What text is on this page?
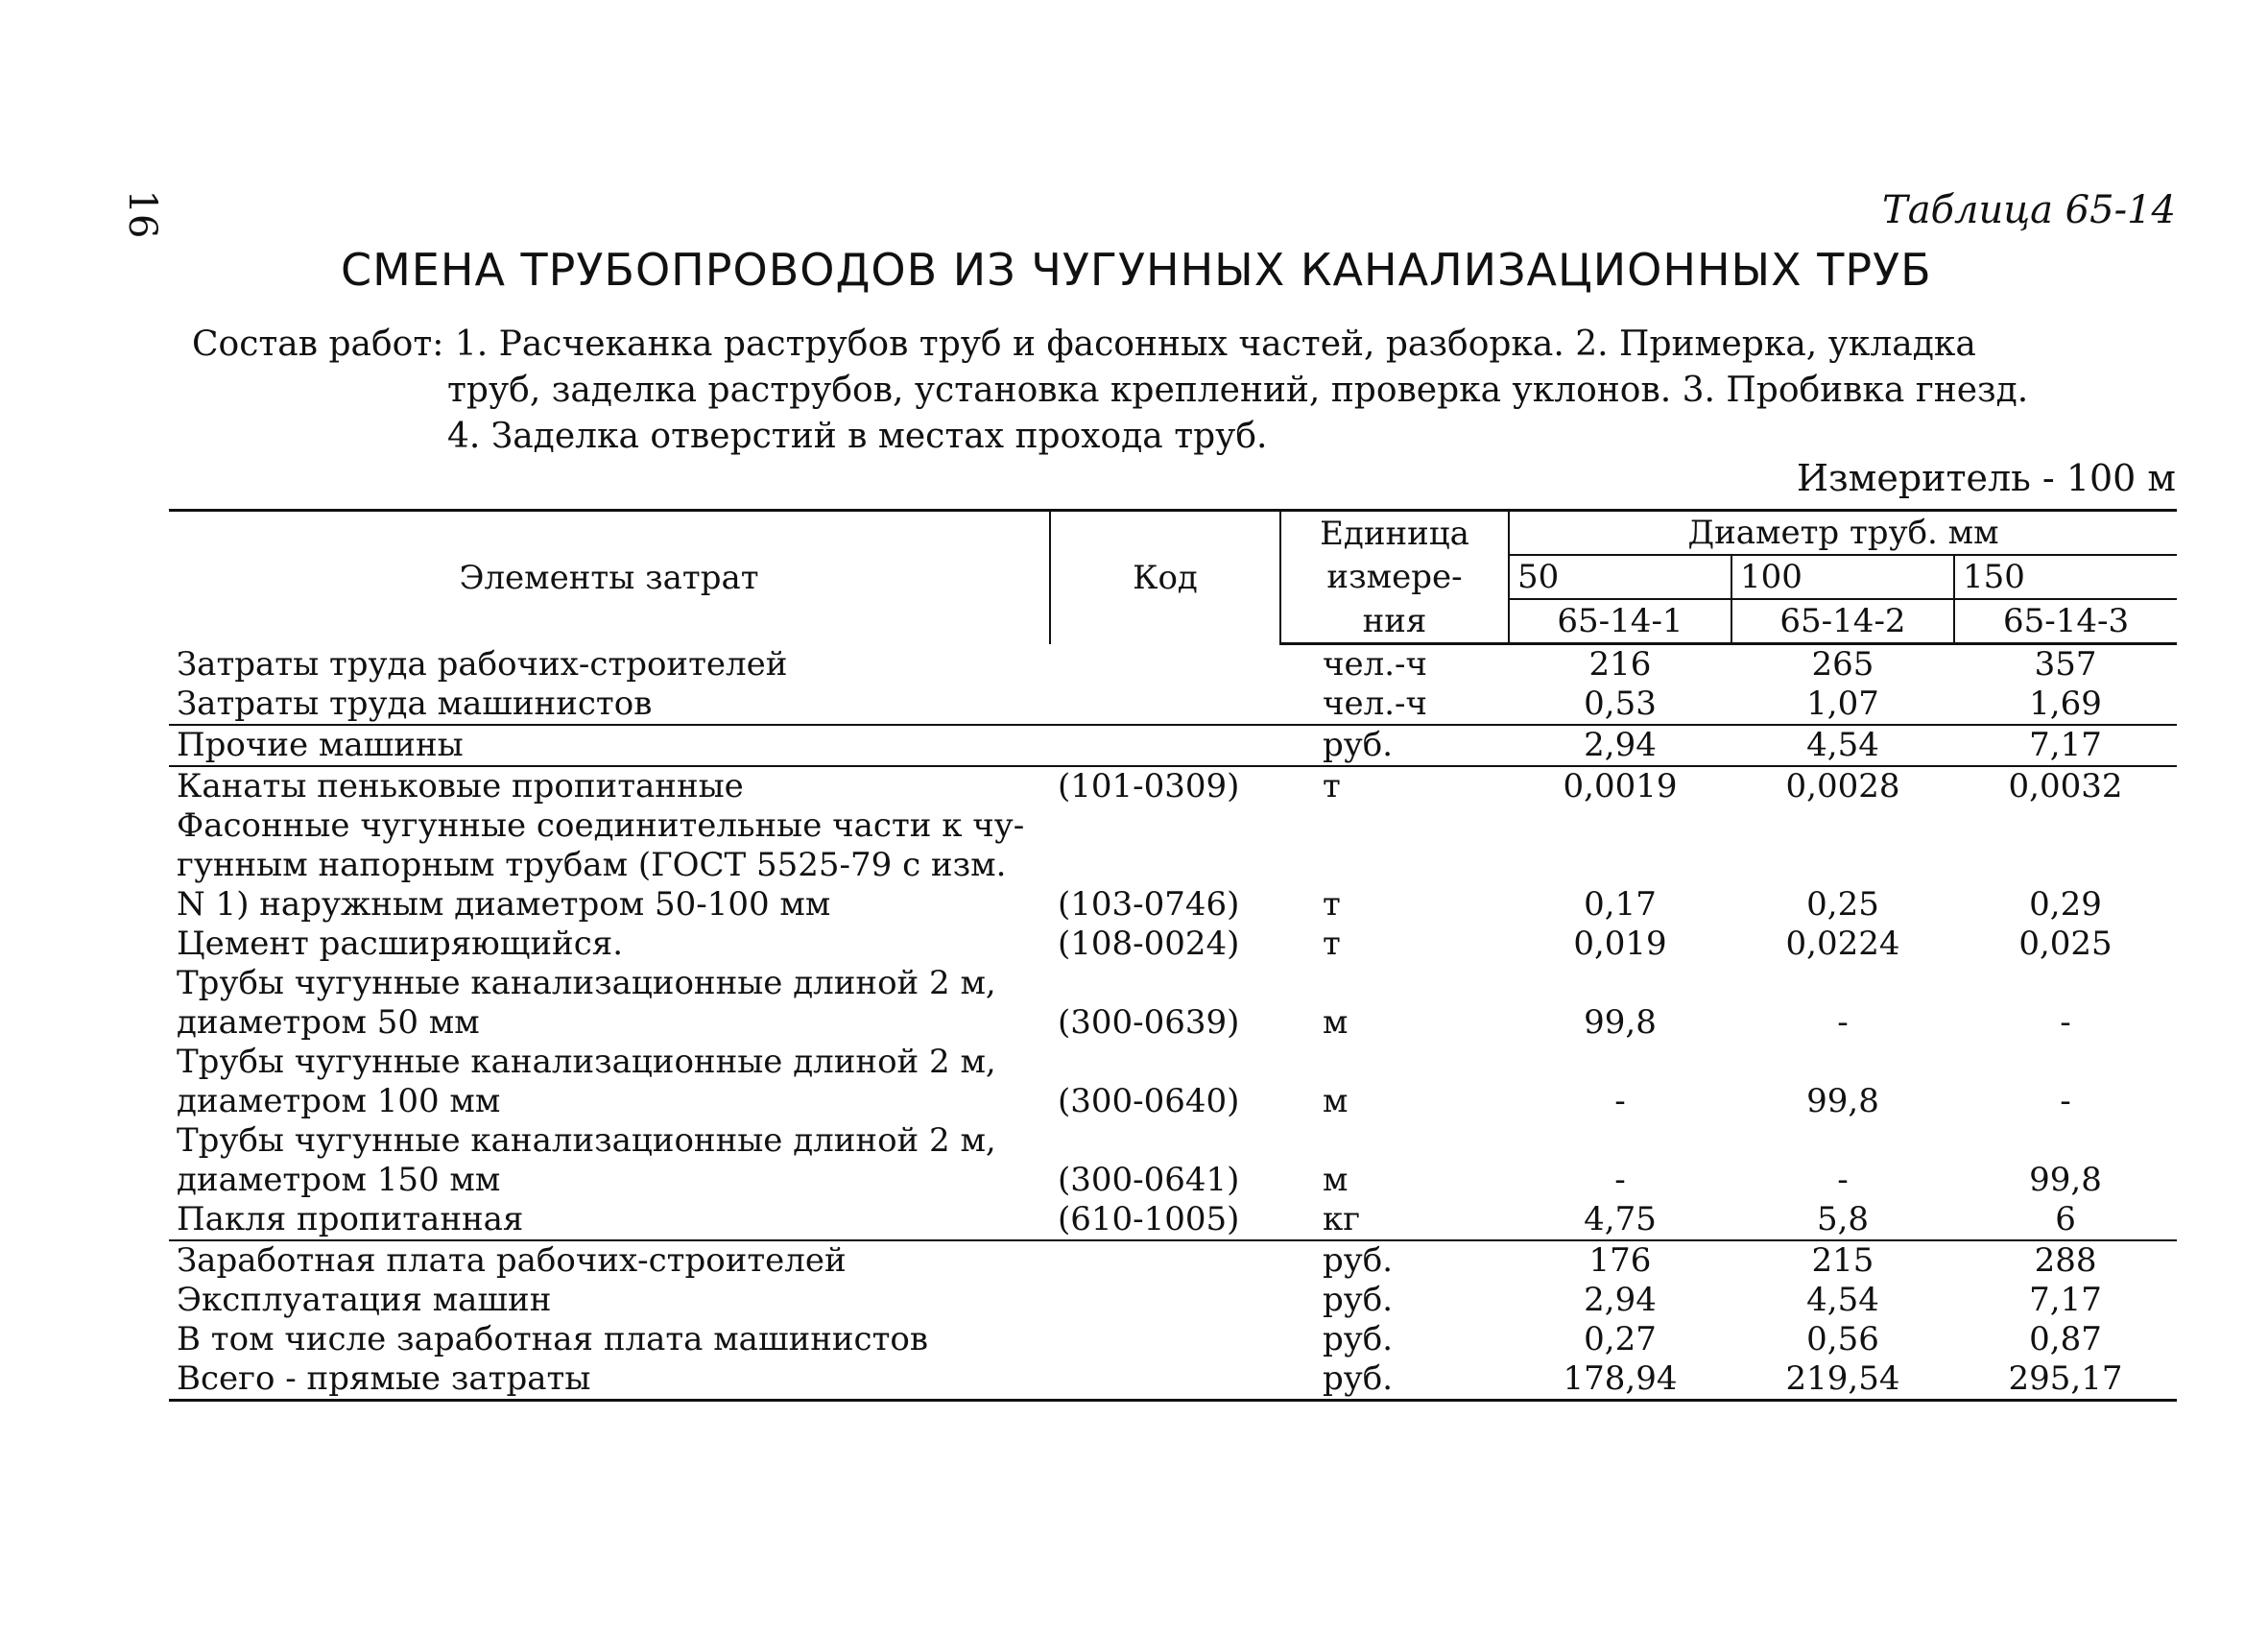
16	Таблица 65-14
СМЕНА ТРУБОПРОВОДОВ ИЗ ЧУГУННЫХ КАНАЛИЗАЦИОННЫХ ТРУБ
Состав работ: 1. Расчеканка раструбов труб и фасонных частей, разборка. 2. Примерка, укладка
труб, заделка раструбов, установка креплений, проверка уклонов. 3. Пробивка гнезд.
4. Заделка отверстий в местах прохода труб.
Измеритель - 100 м
Элементы затрат	Код	Единица	Диаметр труб. мм		
		измере-	50	100	150
		ния	65-14-1	65-14-2	65-14-3
Затраты труда рабочих-строителей		чел.-ч	216	265	357
Затраты труда машинистов		чел.-ч	0,53	1,07	1,69
Прочие машины		руб.	2,94	4,54	7,17
Канаты пеньковые пропитанные	(101-0309)	т	0,0019	0,0028	0,0032
Фасонные чугунные соединительные части к чу-					
гунным напорным трубам (ГОСТ 5525-79 с изм.					
N 1) наружным диаметром 50-100 мм	(103-0746)	т	0,17	0,25	0,29
Цемент расширяющийся.	(108-0024)	т	0,019	0,0224	0,025
Трубы чугунные канализационные длиной 2 м,					
диаметром 50 мм	(300-0639)	м	99,8	-	-
Трубы чугунные канализационные длиной 2 м,					
диаметром 100 мм	(300-0640)	м	-	99,8	-
Трубы чугунные канализационные длиной 2 м,					
диаметром 150 мм	(300-0641)	м	-	-	99,8
Пакля пропитанная	(610-1005)	кг	4,75	5,8	6
Заработная плата рабочих-строителей		руб.	176	215	288
Эксплуатация машин		руб.	2,94	4,54	7,17
В том числе заработная плата машинистов		руб.	0,27	0,56	0,87
Всего - прямые затраты		руб.	178,94	219,54	295,17
